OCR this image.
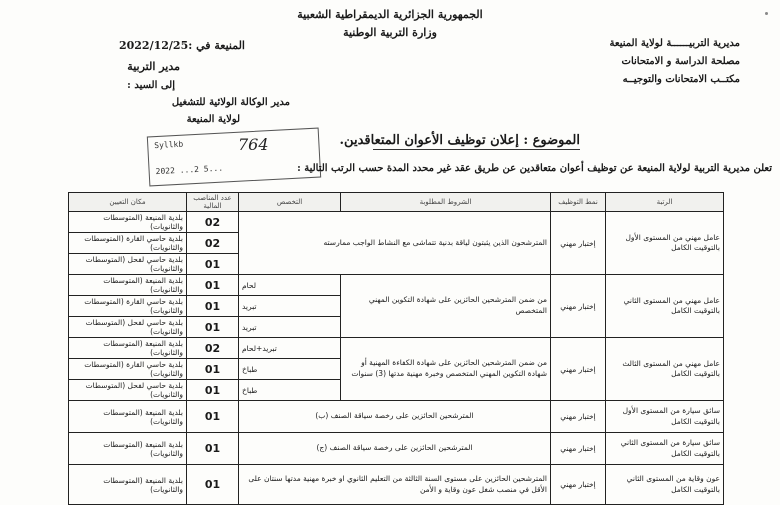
الجمهورية الجزائرية الديمقراطية الشعبية
وزارة التربية الوطنية
مديرية التربيــــــة لولاية المنيعة
مصلحة الدراسة و الامتحانات
مكتــب الامتحانات والتوجيــه
المنيعة في :2022/12/25
مدير التربية
إلى السيد :
مدير الوكالة الولائية للتشغيل
لولاية المنيعة
Syllkb
2022 ...2 5...
764	الموضوع : إعلان توظيف الأعوان المتعاقدين.
تعلن مديرية التربية لولاية المنيعة عن توظيف أعوان متعاقدين عن طريق عقد غير محدد المدة حسب الرتب التالية :
مكان التعيين	عدد المناصب المالية	التخصص	الشروط المطلوبة	نمط التوظيف	الرتبة
بلدية المنيعة (المتوسطات والثانويات)	02	المترشحون الذين يثبتون لياقة بدنية تتماشى مع النشاط الواجب ممارسته		إختبار مهني	عامل مهني من المستوى الأول بالتوقيت الكامل
بلدية حاسي القارة (المتوسطات والثانويات)	02				
بلدية حاسي لفحل (المتوسطات والثانويات)	01				
بلدية المنيعة (المتوسطات والثانويات)	01	لحام	من ضمن المترشحين الحائزين على شهادة التكوين المهني المتخصص	إختبار مهني	عامل مهني من المستوى الثاني بالتوقيت الكامل
بلدية حاسي القارة (المتوسطات والثانويات)	01	تبريد			
بلدية حاسي لفحل (المتوسطات والثانويات)	01	تبريد			
بلدية المنيعة (المتوسطات والثانويات)	02	تبريد+لحام	من ضمن المترشحين الحائزين على شهادة الكفاءة المهنية أو شهادة التكوين المهني المتخصص وخبرة مهنية مدتها (3) سنوات	إختبار مهني	عامل مهني من المستوى الثالث بالتوقيت الكامل
بلدية حاسي القارة (المتوسطات والثانويات)	01	طباخ			
بلدية حاسي لفحل (المتوسطات والثانويات)	01	طباخ			
بلدية المنيعة (المتوسطات والثانويات)	01	المترشحين الحائزين على رخصة سياقة الصنف (ب)		إختبار مهني	سائق سيارة من المستوى الأول بالتوقيت الكامل
بلدية المنيعة (المتوسطات والثانويات)	01	المترشحين الحائزين على رخصة سياقة الصنف (ج)		إختبار مهني	سائق سيارة من المستوى الثاني بالتوقيت الكامل
بلدية المنيعة (المتوسطات والثانويات)	01	المترشحين الحائزين على مستوى السنة الثالثة من التعليم الثانوي او خبرة مهنية مدتها سنتان على الأقل في منصب شغل عون وقاية و الأمن		إختبار مهني	عون وقاية من المستوى الثاني بالتوقيت الكامل
